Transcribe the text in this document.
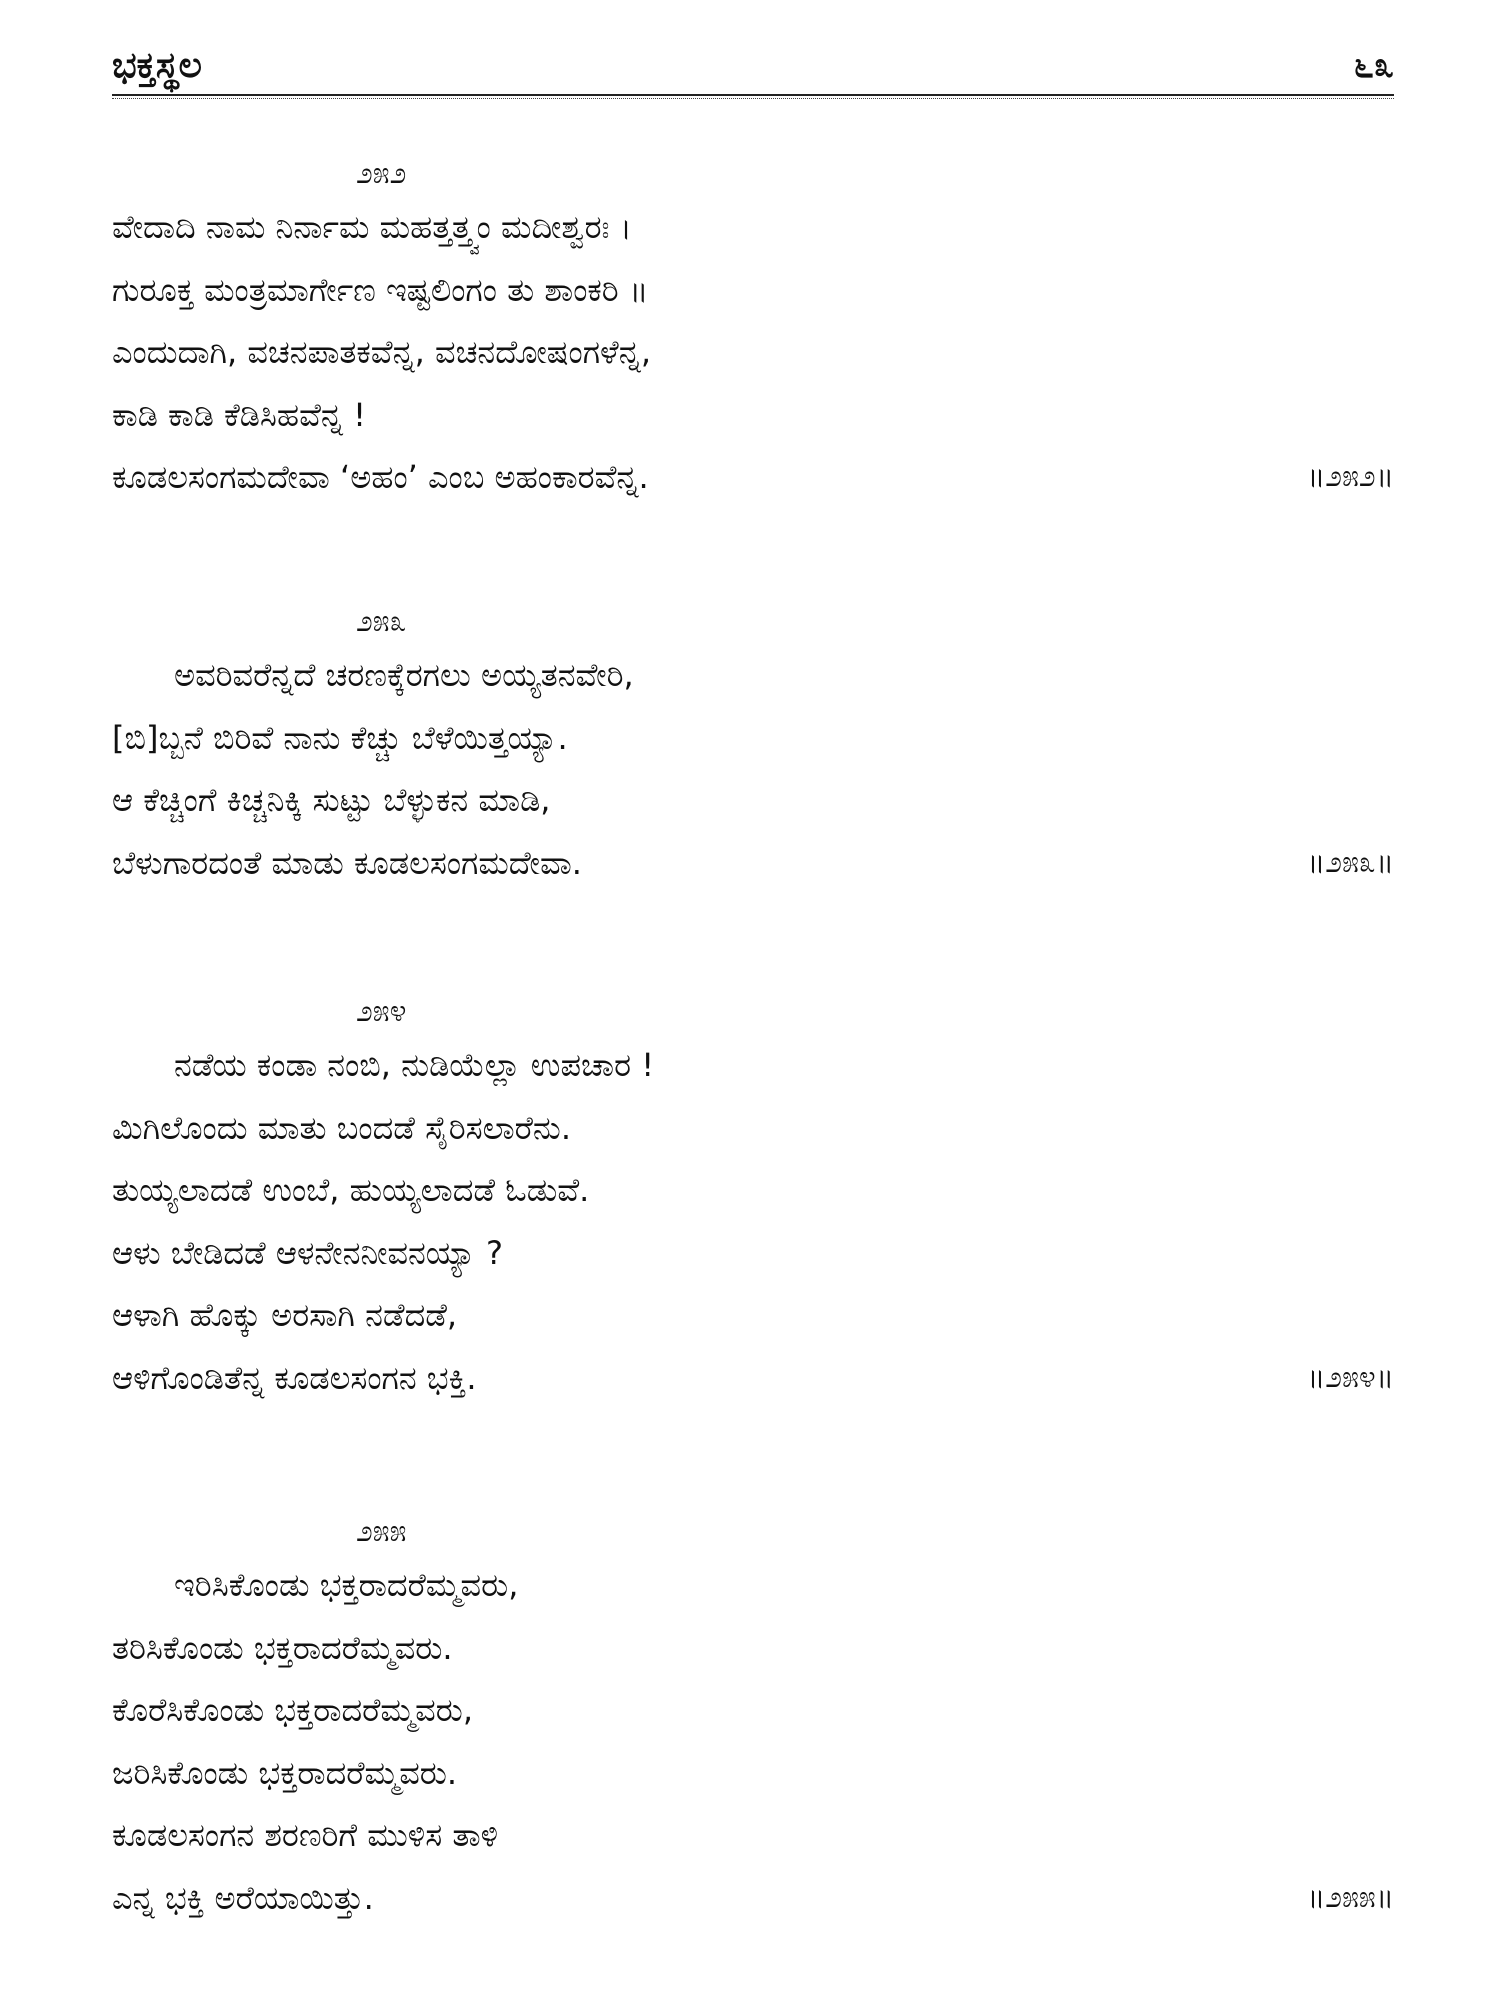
ಭಕ್ತಸ್ಥಲ	೬೩
೨೫೨
ವೇದಾದಿ ನಾಮ ನಿರ್ನಾಮ ಮಹತ್ತತ್ತ್ವಂ ಮದೀಶ್ವರಃ ।
ಗುರೂಕ್ತ ಮಂತ್ರಮಾರ್ಗೇಣ ಇಷ್ಟಲಿಂಗಂ ತು ಶಾಂಕರಿ ॥
ಎಂದುದಾಗಿ, ವಚನಪಾತಕವೆನ್ನ, ವಚನದೋಷಂಗಳೆನ್ನ,
ಕಾಡಿ ಕಾಡಿ ಕೆಡಿಸಿಹವೆನ್ನ !
ಕೂಡಲಸಂಗಮದೇವಾ ‘ಅಹಂ’ ಎಂಬ ಅಹಂಕಾರವೆನ್ನ.	॥೨೫೨॥
೨೫೩
ಅವರಿವರೆನ್ನದೆ ಚರಣಕ್ಕೆರಗಲು ಅಯ್ಯತನವೇರಿ,
[ಬಿ]ಬ್ಬನೆ ಬಿರಿವೆ ನಾನು ಕೆಚ್ಚು ಬೆಳೆಯಿತ್ತಯ್ಯಾ.
ಆ ಕೆಚ್ಚಿಂಗೆ ಕಿಚ್ಚನಿಕ್ಕಿ ಸುಟ್ಟು ಬೆಳ್ಳುಕನ ಮಾಡಿ,
ಬೆಳುಗಾರದಂತೆ ಮಾಡು ಕೂಡಲಸಂಗಮದೇವಾ.	॥೨೫೩॥
೨೫೪
ನಡೆಯ ಕಂಡಾ ನಂಬಿ, ನುಡಿಯೆಲ್ಲಾ ಉಪಚಾರ !
ಮಿಗಿಲೊಂದು ಮಾತು ಬಂದಡೆ ಸೈರಿಸಲಾರೆನು.
ತುಯ್ಯಲಾದಡೆ ಉಂಬೆ, ಹುಯ್ಯಲಾದಡೆ ಓಡುವೆ.
ಆಳು ಬೇಡಿದಡೆ ಆಳನೇನನೀವನಯ್ಯಾ ?
ಆಳಾಗಿ ಹೊಕ್ಕು ಅರಸಾಗಿ ನಡೆದಡೆ,
ಆಳಿಗೊಂಡಿತೆನ್ನ ಕೂಡಲಸಂಗನ ಭಕ್ತಿ.	॥೨೫೪॥
೨೫೫
ಇರಿಸಿಕೊಂಡು ಭಕ್ತರಾದರೆಮ್ಮವರು,
ತರಿಸಿಕೊಂಡು ಭಕ್ತರಾದರೆಮ್ಮವರು.
ಕೊರೆಸಿಕೊಂಡು ಭಕ್ತರಾದರೆಮ್ಮವರು,
ಜರಿಸಿಕೊಂಡು ಭಕ್ತರಾದರೆಮ್ಮವರು.
ಕೂಡಲಸಂಗನ ಶರಣರಿಗೆ ಮುಳಿಸ ತಾಳಿ
ಎನ್ನ ಭಕ್ತಿ ಅರೆಯಾಯಿತ್ತು.	॥೨೫೫॥
